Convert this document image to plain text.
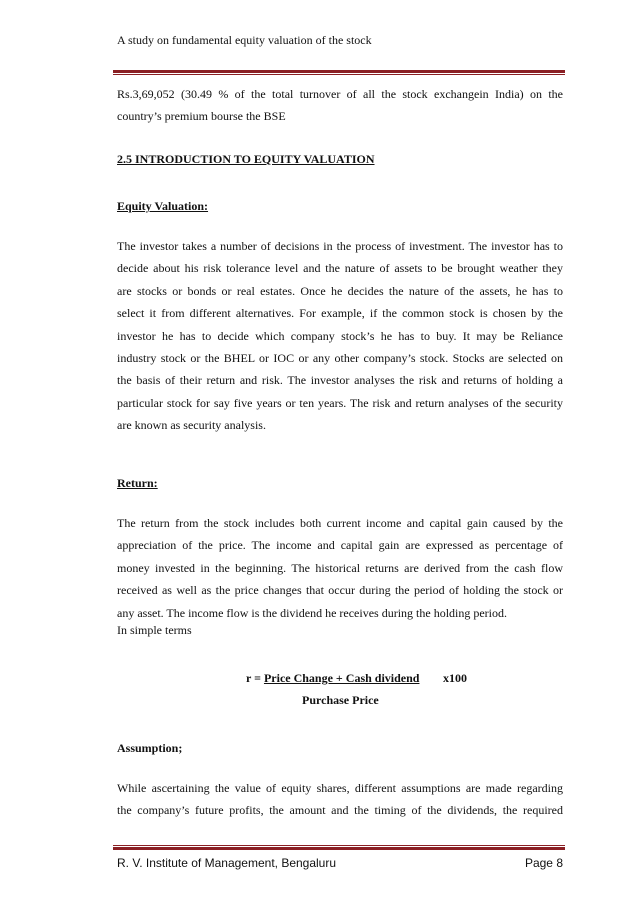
A study on fundamental equity valuation of the stock
Rs.3,69,052 (30.49 % of the total turnover of all the stock exchangein India) on the
country’s premium bourse the BSE
2.5 INTRODUCTION TO EQUITY VALUATION
Equity Valuation:
The investor takes a number of decisions in the process of investment. The investor has to
decide about his risk tolerance level and the nature of assets to be brought weather they
are stocks or bonds or real estates. Once he decides the nature of the assets, he has to
select it from different alternatives. For example, if the common stock is chosen by the
investor he has to decide which company stock’s he has to buy. It may be Reliance
industry stock or the BHEL or IOC or any other company’s stock. Stocks are selected on
the basis of their return and risk. The investor analyses the risk and returns of holding a
particular stock for say five years or ten years. The risk and return analyses of the security
are known as security analysis.
Return:
The return from the stock includes both current income and capital gain caused by the
appreciation of the price. The income and capital gain are expressed as percentage of
money invested in the beginning. The historical returns are derived from the cash flow
received as well as the price changes that occur during the period of holding the stock or
any asset. The income flow is the dividend he receives during the holding period.
In simple terms
r = Price Change + Cash dividend x100
Purchase Price
Assumption;
While ascertaining the value of equity shares, different assumptions are made regarding
the company’s future profits, the amount and the timing of the dividends, the required
R. V. Institute of Management, Bengaluru	Page 8
